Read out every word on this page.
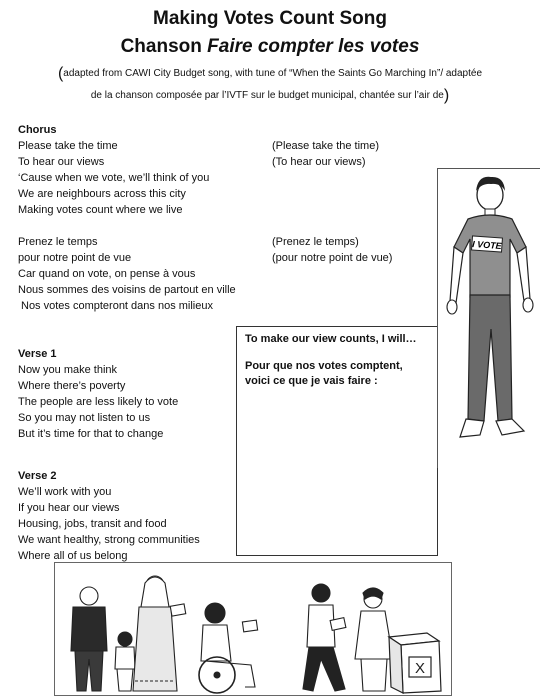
Making Votes Count Song
Chanson Faire compter les votes
(adapted from CAWI City Budget song, with tune of “When the Saints Go Marching In”/ adaptée
de la chanson composée par l’IVTF sur le budget municipal, chantée sur l’air de)
Chorus
Please take the time
To hear our views
‘Cause when we vote, we’ll think of you
We are neighbours across this city
Making votes count where we live
(Please take the time)
(To hear our views)
Prenez le temps
pour notre point de vue
Car quand on vote, on pense à vous
Nous sommes des voisins de partout en ville
Nos votes compteront dans nos milieux
(Prenez le temps)
(pour notre point de vue)
Verse 1
Now you make think
Where there’s poverty
The people are less likely to vote
So you may not listen to us
But it’s time for that to change
Verse 2
We’ll work with you
If you hear our views
Housing, jobs, transit and food
We want healthy, strong communities
Where all of us belong
To make our view counts, I will…
Pour que nos votes comptent, voici ce que je vais faire :
I VOTE
X
